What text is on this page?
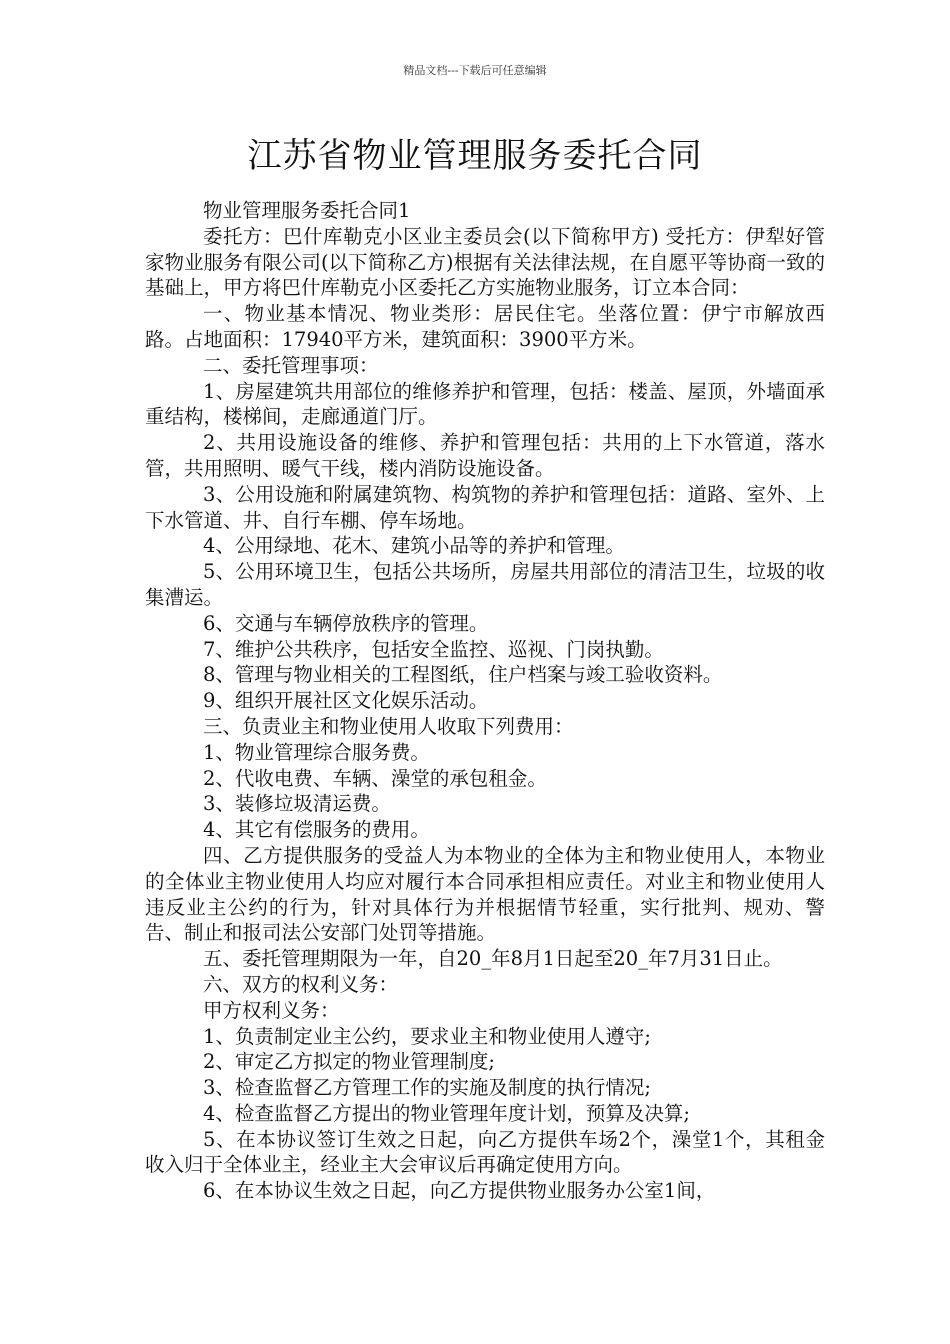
精品文档---下载后可任意编辑
江苏省物业管理服务委托合同

物业管理服务委托合同1

委托方：巴什库勒克小区业主委员会(以下简称甲方) 受托方：伊犁好管家物业服务有限公司(以下简称乙方)根据有关法律法规，在自愿平等协商一致的基础上，甲方将巴什库勒克小区委托乙方实施物业服务，订立本合同：

一、物业基本情况、物业类形：居民住宅。坐落位置：伊宁市解放西路。占地面积：17940平方米，建筑面积：3900平方米。

二、委托管理事项：

1、房屋建筑共用部位的维修养护和管理，包括：楼盖、屋顶，外墙面承重结构，楼梯间，走廊通道门厅。

2、共用设施设备的维修、养护和管理包括：共用的上下水管道，落水管，共用照明、暖气干线，楼内消防设施设备。

3、公用设施和附属建筑物、构筑物的养护和管理包括：道路、室外、上下水管道、井、自行车棚、停车场地。

4、公用绿地、花木、建筑小品等的养护和管理。

5、公用环境卫生，包括公共场所，房屋共用部位的清洁卫生，垃圾的收集漕运。

6、交通与车辆停放秩序的管理。

7、维护公共秩序，包括安全监控、巡视、门岗执勤。

8、管理与物业相关的工程图纸，住户档案与竣工验收资料。

9、组织开展社区文化娱乐活动。

三、负责业主和物业使用人收取下列费用：

1、物业管理综合服务费。

2、代收电费、车辆、澡堂的承包租金。

3、装修垃圾清运费。

4、其它有偿服务的费用。

四、乙方提供服务的受益人为本物业的全体为主和物业使用人，本物业的全体业主物业使用人均应对履行本合同承担相应责任。对业主和物业使用人违反业主公约的行为，针对具体行为并根据情节轻重，实行批判、规劝、警告、制止和报司法公安部门处罚等措施。

五、委托管理期限为一年，自20_年8月1日起至20_年7月31日止。

六、双方的权利义务：

甲方权利义务：

1、负责制定业主公约，要求业主和物业使用人遵守;

2、审定乙方拟定的物业管理制度;

3、检查监督乙方管理工作的实施及制度的执行情况;

4、检查监督乙方提出的物业管理年度计划，预算及决算;

5、在本协议签订生效之日起，向乙方提供车场2个，澡堂1个，其租金收入归于全体业主，经业主大会审议后再确定使用方向。

6、在本协议生效之日起，向乙方提供物业服务办公室1间，
